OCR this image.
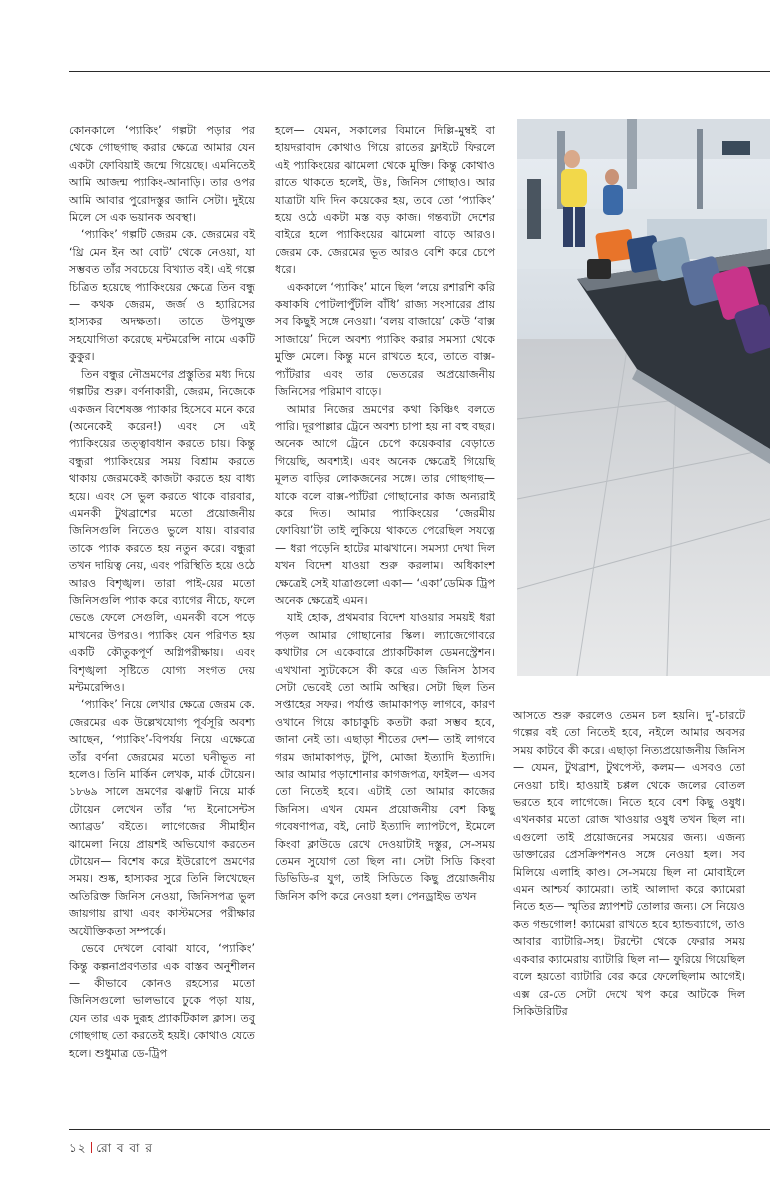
কোনকালে ‘প্যাকিং’ গল্পটা পড়ার পর থেকে গোছগাছ করার ক্ষেত্রে আমার যেন একটা ফোবিয়াই জন্মে গিয়েছে। এমনিতেই আমি আজন্ম প্যাকিং-আনাড়ি। তার ওপর আমি আবার পুরোদস্তুর জানি সেটা। দুইয়ে মিলে সে এক ভয়ানক অবস্থা।

‘প্যাকিং’ গল্পটি জেরম কে. জেরমের বই ‘থ্রি মেন ইন আ বোট’ থেকে নেওয়া, যা সম্ভবত তাঁর সবচেয়ে বিখ্যাত বই। এই গল্পে চিত্রিত হয়েছে প্যাকিংয়ের ক্ষেত্রে তিন বন্ধু— কথক জেরম, জর্জ ও হ্যারিসের হাস্যকর অদক্ষতা। তাতে উপযুক্ত সহযোগিতা করেছে মন্টমরেন্সি নামে একটি কুকুর।

তিন বন্ধুর নৌভ্রমণের প্রস্তুতির মধ্য দিয়ে গল্পটির শুরু। বর্ণনাকারী, জেরম, নিজেকে একজন বিশেষজ্ঞ প্যাকার হিসেবে মনে করে (অনেকেই করেন!) এবং সে এই প্যাকিংয়ের তত্ত্বাবধান করতে চায়। কিন্তু বন্ধুরা প্যাকিংয়ের সময় বিশ্রাম করতে থাকায় জেরমকেই কাজটা করতে হয় বাধ্য হয়ে। এবং সে ভুল করতে থাকে বারবার, এমনকী টুথব্রাশের মতো প্রয়োজনীয় জিনিসগুলি নিতেও ভুলে যায়। বারবার তাকে প্যাক করতে হয় নতুন করে। বন্ধুরা তখন দায়িত্ব নেয়, এবং পরিস্থিতি হয়ে ওঠে আরও বিশৃঙ্খল। তারা পাই-য়ের মতো জিনিসগুলি প্যাক করে ব্যাগের নীচে, ফলে ভেঙে ফেলে সেগুলি, এমনকী বসে পড়ে মাখনের উপরও। প্যাকিং যেন পরিণত হয় একটি কৌতুকপূর্ণ অগ্নিপরীক্ষায়। এবং বিশৃঙ্খলা সৃষ্টিতে যোগ্য সংগত দেয় মন্টমরেন্সিও।

‘প্যাকিং’ নিয়ে লেখার ক্ষেত্রে জেরম কে. জেরমের এক উল্লেখযোগ্য পূর্বসূরি অবশ্য আছেন, ‘প্যাকিং’-বিপর্যয় নিয়ে এক্ষেত্রে তাঁর বর্ণনা জেরমের মতো ঘনীভূত না হলেও। তিনি মার্কিন লেখক, মার্ক টোয়েন। ১৮৬৯ সালে ভ্রমণের ঝঞ্ঝাট নিয়ে মার্ক টোয়েন লেখেন তাঁর ‘দ্য ইনোসেন্টস অ্যাব্রড’ বইতে। লাগেজের সীমাহীন ঝামেলা নিয়ে প্রায়শই অভিযোগ করতেন টোয়েন— বিশেষ করে ইউরোপে ভ্রমণের সময়। শুষ্ক, হাস্যকর সুরে তিনি লিখেছেন অতিরিক্ত জিনিস নেওয়া, জিনিসপত্র ভুল জায়গায় রাখা এবং কাস্টমসের পরীক্ষার অযৌক্তিকতা সম্পর্কে।

ভেবে দেখলে বোঝা যাবে, ‘প্যাকিং’ কিন্তু কল্পনাপ্রবণতার এক বাস্তব অনুশীলন— কীভাবে কোনও রহস্যের মতো জিনিসগুলো ভালভাবে ঢুকে পড়া যায়, যেন তার এক দুরূহ প্র্যাকটিকাল ক্লাস। তবু গোছগাছ তো করতেই হয়ই। কোথাও যেতে হলে। শুধুমাত্র ডে-ট্রিপ

হলে— যেমন, সকালের বিমানে দিল্লি-মুম্বই বা হায়দরাবাদ কোথাও গিয়ে রাতের ফ্লাইটে ফিরলে এই প্যাকিংয়ের ঝামেলা থেকে মুক্তি। কিন্তু কোথাও রাতে থাকতে হলেই, উঃ, জিনিস গোছাও। আর যাত্রাটা যদি দিন কয়েকের হয়, তবে তো ‘প্যাকিং’ হয়ে ওঠে একটা মস্ত বড় কাজ। গন্তব্যটা দেশের বাইরে হলে প্যাকিংয়ের ঝামেলা বাড়ে আরও। জেরম কে. জেরমের ভূত আরও বেশি করে চেপে ধরে।

এককালে ‘প্যাকিং’ মানে ছিল ‘লয়ে রশারশি করি কষাকষি পোটলাপুঁটলি বাঁধি’ রাজ্য সংসারের প্রায় সব কিছুই সঙ্গে নেওয়া। ‘বলয় বাজায়ে’ কেউ ‘বাক্স সাজায়ে’ দিলে অবশ্য প্যাকিং করার সমস্যা থেকে মুক্তি মেলে। কিন্তু মনে রাখতে হবে, তাতে বাক্স-প্যাঁটরার এবং তার ভেতরের অপ্রয়োজনীয় জিনিসের পরিমাণ বাড়ে।

আমার নিজের ভ্রমণের কথা কিঞ্চিৎ বলতে পারি। দূরপাল্লার ট্রেনে অবশ্য চাপা হয় না বহু বছর। অনেক আগে ট্রেনে চেপে কয়েকবার বেড়াতে গিয়েছি, অবশ্যই। এবং অনেক ক্ষেত্রেই গিয়েছি মূলত বাড়ির লোকজনের সঙ্গে। তার গোছগাছ— যাকে বলে বাক্স-প্যাঁটরা গোছানোর কাজ অন্যরাই করে দিত। আমার প্যাকিংয়ের ‘জেরমীয় ফোবিয়া’টা তাই লুকিয়ে থাকতে পেরেছিল সযত্নে— ধরা পড়েনি হাটের মাঝখানে। সমস্যা দেখা দিল যখন বিদেশ যাওয়া শুরু করলাম। অধিকাংশ ক্ষেত্রেই সেই যাত্রাগুলো একা— ‘একা’ডেমিক ট্রিপ অনেক ক্ষেত্রেই এমন।

যাই হোক, প্রথমবার বিদেশ যাওয়ার সময়ই ধরা পড়ল আমার গোছানোর স্কিল। ল্যাজেগোবরে কথাটার সে একেবারে প্র্যাকটিকাল ডেমনস্ট্রেশন। এখখানা স্যুটকেসে কী করে এত জিনিস ঠাসব সেটা ভেবেই তো আমি অস্থির। সেটা ছিল তিন সপ্তাহের সফর। পর্যাপ্ত জামাকাপড় লাগবে, কারণ ওখানে গিয়ে কাচাকুচি কতটা করা সম্ভব হবে, জানা নেই তা। এছাড়া শীতের দেশ— তাই লাগবে গরম জামাকাপড়, টুপি, মোজা ইত্যাদি ইত্যাদি। আর আমার পড়াশোনার কাগজপত্র, ফাইল— এসব তো নিতেই হবে। এটাই তো আমার কাজের জিনিস। এখন যেমন প্রয়োজনীয় বেশ কিছু গবেষণাপত্র, বই, নোট ইত্যাদি ল্যাপটপে, ইমেলে কিংবা ক্লাউডে রেখে দেওয়াটাই দস্তুর, সে-সময় তেমন সুযোগ তো ছিল না। সেটা সিডি কিংবা ডিভিডি-র যুগ, তাই সিডিতে কিছু প্রয়োজনীয় জিনিস কপি করে নেওয়া হল। পেনড্রাইভ তখন

আসতে শুরু করলেও তেমন চল হয়নি। দু’-চারটে গল্পের বই তো নিতেই হবে, নইলে আমার অবসর সময় কাটবে কী করে। এছাড়া নিত্যপ্রয়োজনীয় জিনিস— যেমন, টুথব্রাশ, টুথপেস্ট, কলম— এসবও তো নেওয়া চাই। হাওয়াই চপ্পল থেকে জলের বোতল ভরতে হবে লাগেজে। নিতে হবে বেশ কিছু ওষুধ। এখনকার মতো রোজ খাওয়ার ওষুধ তখন ছিল না। এগুলো তাই প্রয়োজনের সময়ের জন্য। এজন্য ডাক্তারের প্রেসক্রিপশনও সঙ্গে নেওয়া হল। সব মিলিয়ে এলাহি কাণ্ড। সে-সময়ে ছিল না মোবাইলে এমন আশ্চর্য ক্যামেরা। তাই আলাদা করে ক্যামেরা নিতে হত— স্মৃতির স্ন্যাপশট তোলার জন্য। সে নিয়েও কত গন্ডগোল! ক্যামেরা রাখতে হবে হ্যান্ডব্যাগে, তাও আবার ব্যাটারি-সহ। টরন্টো থেকে ফেরার সময় একবার ক্যামেরায় ব্যাটারি ছিল না— ফুরিয়ে গিয়েছিল বলে হয়তো ব্যাটারি বের করে ফেলেছিলাম আগেই। এক্স রে-তে সেটা দেখে খপ করে আটকে দিল সিকিউরিটির

১২ রো ব বা র
